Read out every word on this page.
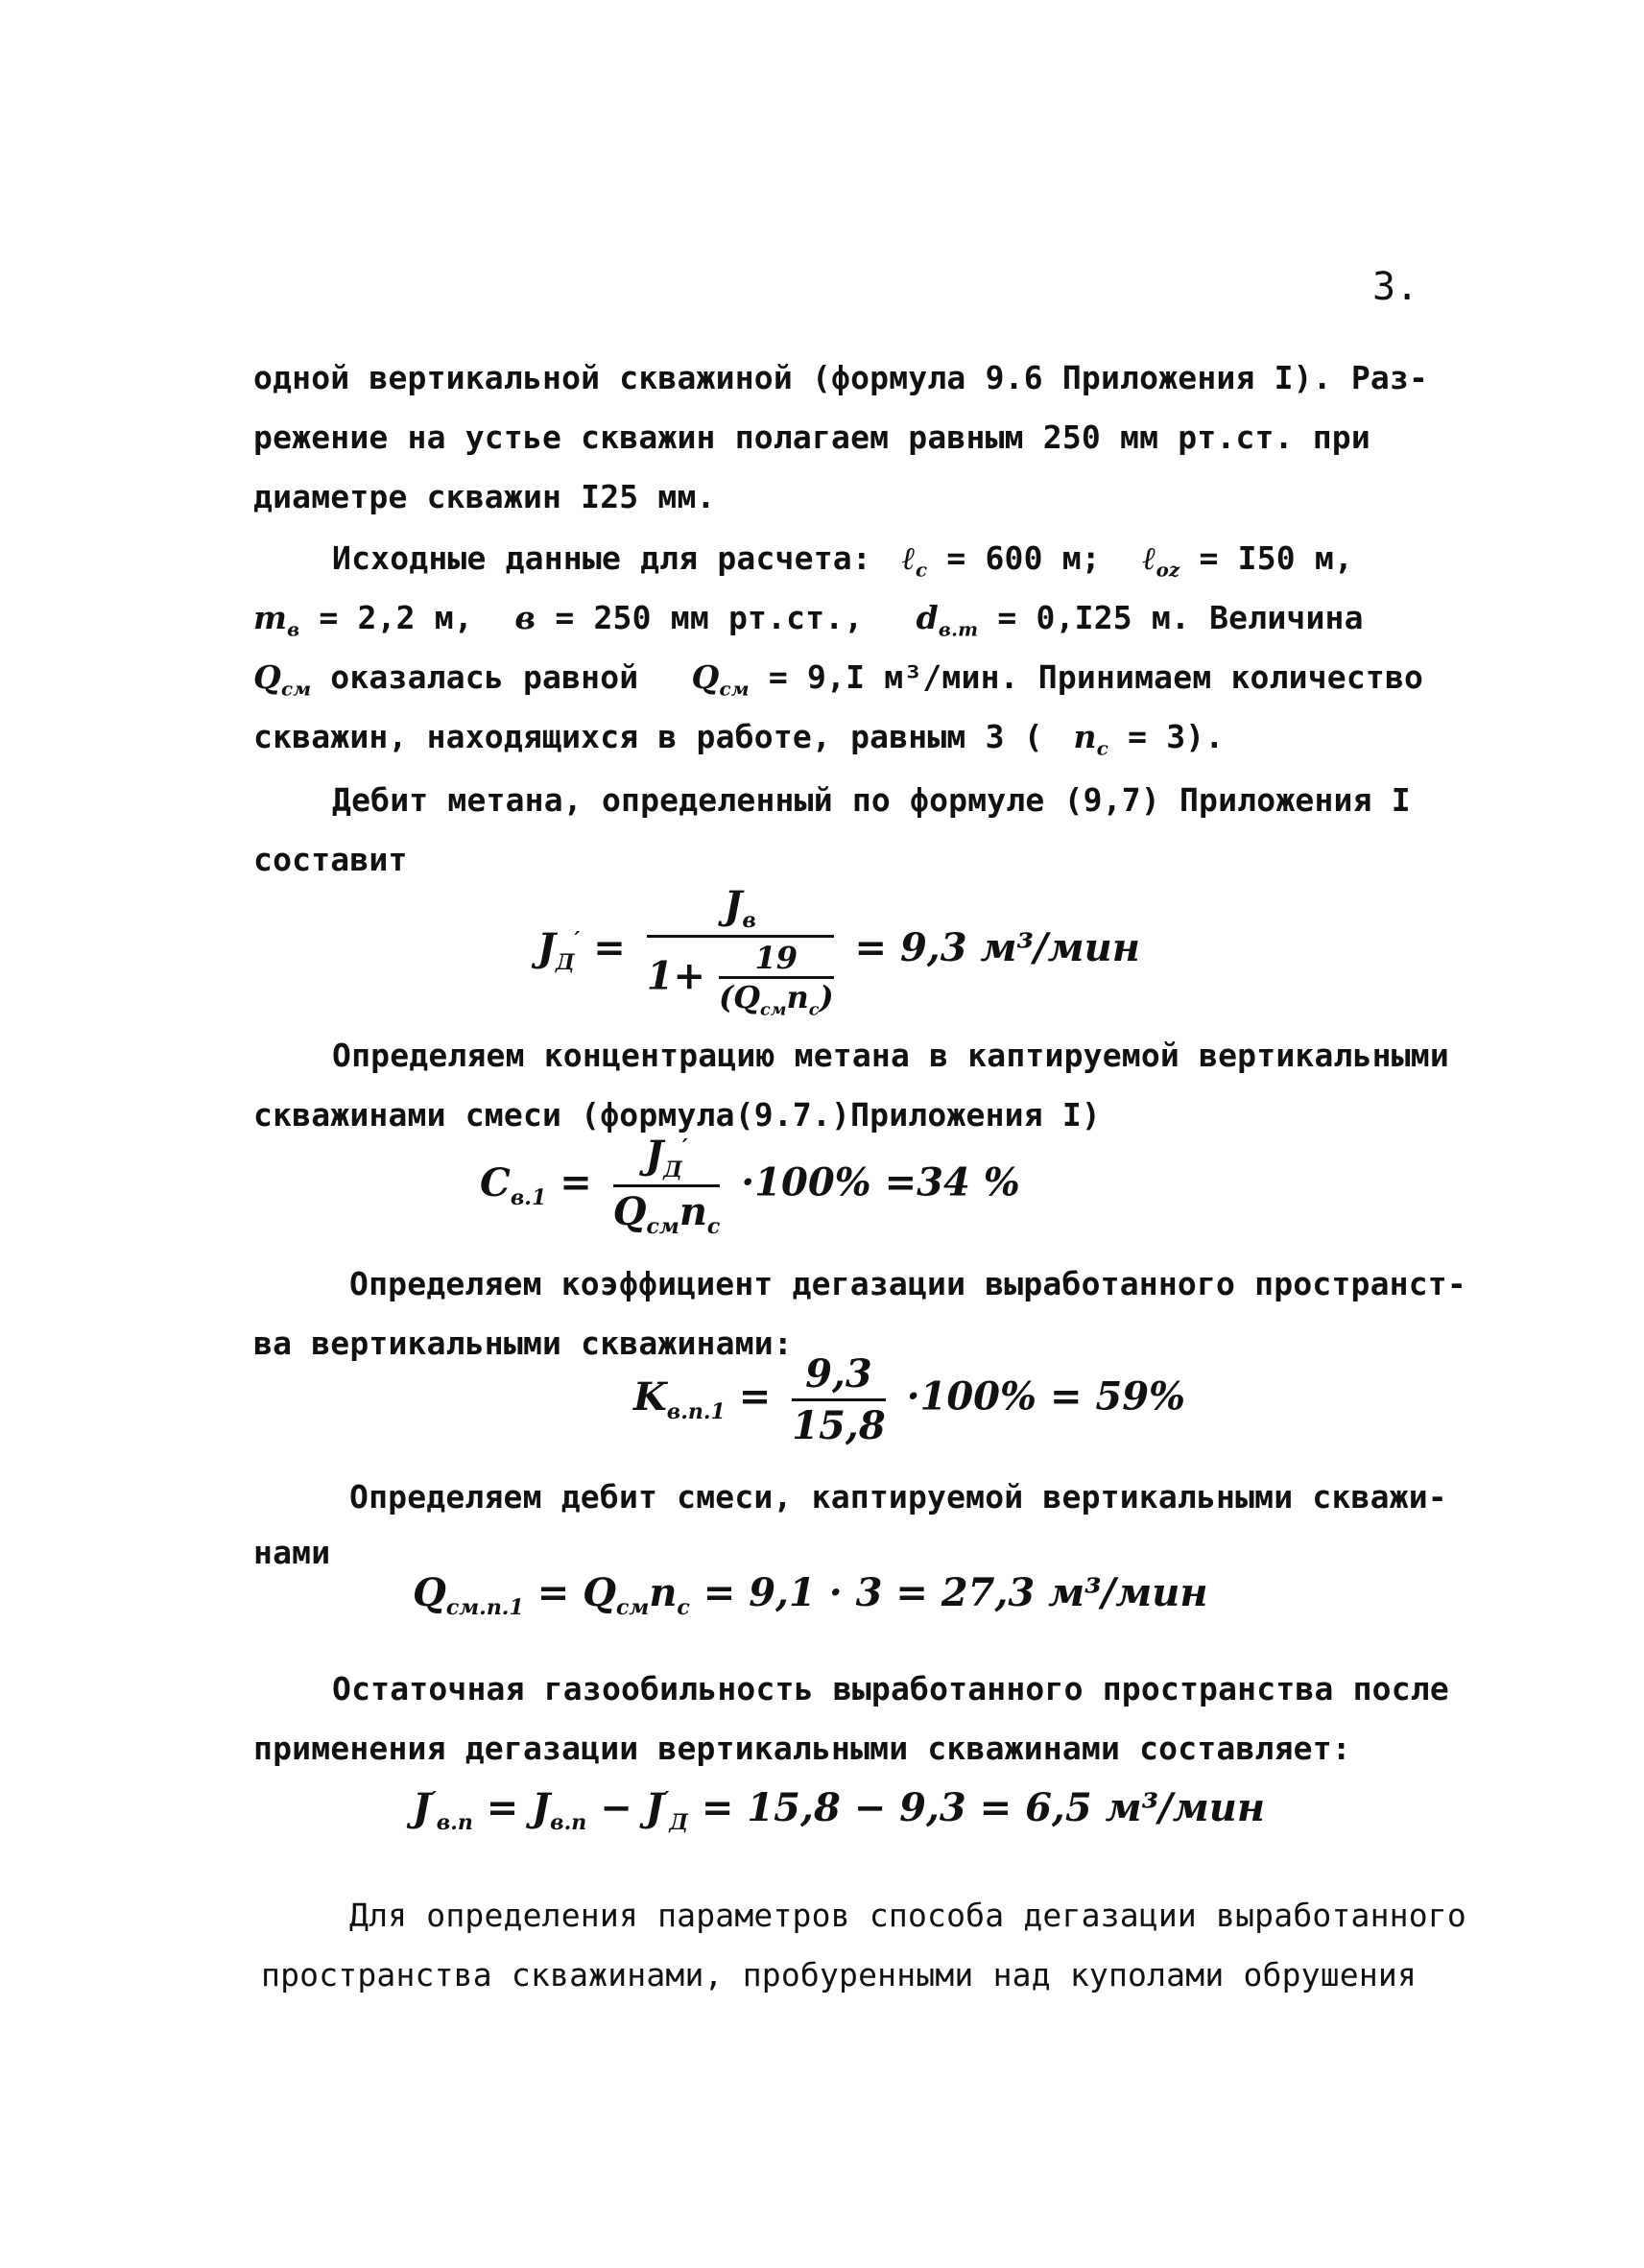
3.
одной вертикальной скважиной (формула 9.6 Приложения I). Раз-
режение на устье скважин полагаем равным 250 мм рт.ст. при
диаметре скважин I25 мм.
Исходные данные для расчета:  ℓ$_c$ = 600 м;   ℓ$_{оz}$ = I50 м,
$m_в = 2,2$ м,   в = 250 мм рт.ст.,    $d_{в.т} = 0,I25$ м. Величина
$Q_{см}$ оказалась равной    $Q_{см} = 9,I$ м³/мин. Принимаем количество
скважин, находящихся в работе, равным 3 (  $n_с = 3$).
Дебит метана, определенный по формуле (9,7) Приложения I
составит
$J_Д' = \frac{J_в}{1+ \frac{19}{(Q_{см}n_с)}} = 9,3$ м³/мин
Определяем концентрацию метана в каптируемой вертикальными
скважинами смеси (формула(9.7.)Приложения I)
$C_{в.1} = \frac{J_Д'}{Q_{см}n_с} \cdot 100\% =34$ %
Определяем коэффициент дегазации выработанного пространст-
ва вертикальными скважинами:
$K_{в.п.1} = \frac{9,3}{15,8} \cdot 100\% = 59\%$
Определяем дебит смеси, каптируемой вертикальными скважи-
нами
$Q_{см.п.1} = Q_{см}n_с = 9,1 \cdot 3 = 27,3$ м³/мин
Остаточная газообильность выработанного пространства после
применения дегазации вертикальными скважинами составляет:
$J'_{в.п} = J_{в.п} - J'_Д = 15,8 - 9,3 = 6,5$ м³/мин
Для определения параметров способа дегазации выработанного
пространства скважинами, пробуренными над куполами обрушения
